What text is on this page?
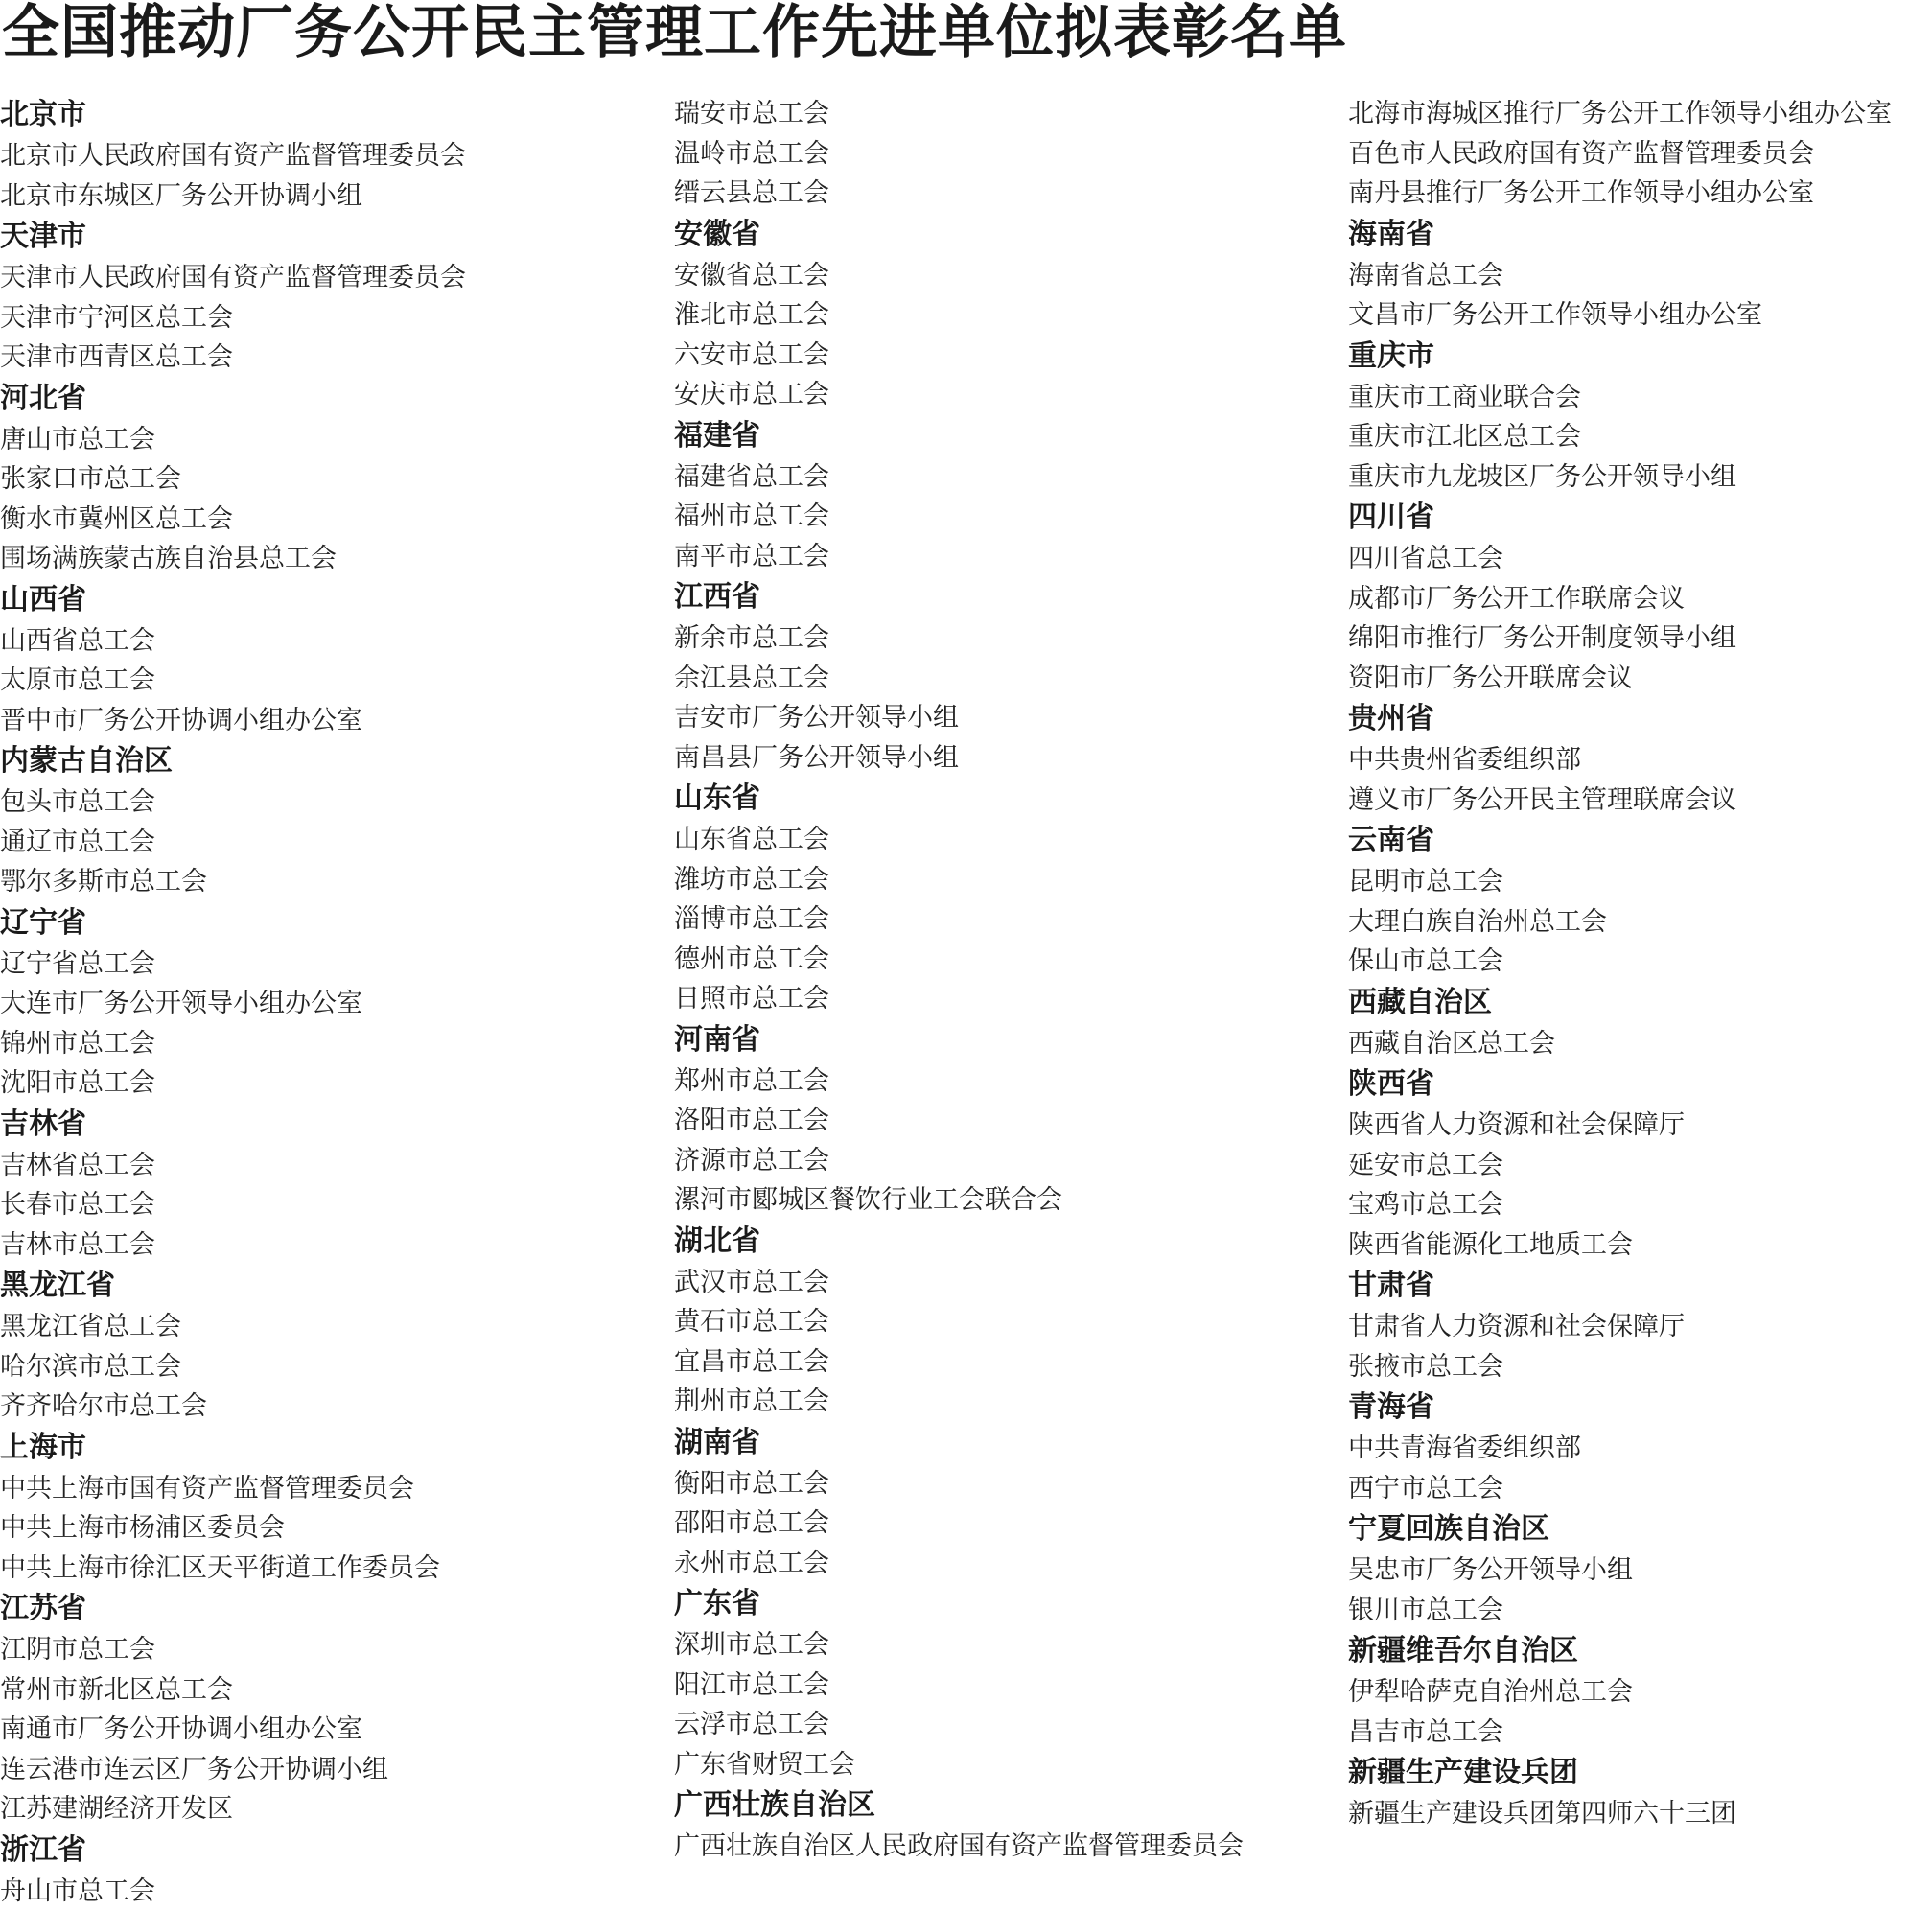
全国推动厂务公开民主管理工作先进单位拟表彰名单
北京市
北京市人民政府国有资产监督管理委员会
北京市东城区厂务公开协调小组
天津市
天津市人民政府国有资产监督管理委员会
天津市宁河区总工会
天津市西青区总工会
河北省
唐山市总工会
张家口市总工会
衡水市冀州区总工会
围场满族蒙古族自治县总工会
山西省
山西省总工会
太原市总工会
晋中市厂务公开协调小组办公室
内蒙古自治区
包头市总工会
通辽市总工会
鄂尔多斯市总工会
辽宁省
辽宁省总工会
大连市厂务公开领导小组办公室
锦州市总工会
沈阳市总工会
吉林省
吉林省总工会
长春市总工会
吉林市总工会
黑龙江省
黑龙江省总工会
哈尔滨市总工会
齐齐哈尔市总工会
上海市
中共上海市国有资产监督管理委员会
中共上海市杨浦区委员会
中共上海市徐汇区天平街道工作委员会
江苏省
江阴市总工会
常州市新北区总工会
南通市厂务公开协调小组办公室
连云港市连云区厂务公开协调小组
江苏建湖经济开发区
浙江省
舟山市总工会
瑞安市总工会
温岭市总工会
缙云县总工会
安徽省
安徽省总工会
淮北市总工会
六安市总工会
安庆市总工会
福建省
福建省总工会
福州市总工会
南平市总工会
江西省
新余市总工会
余江县总工会
吉安市厂务公开领导小组
南昌县厂务公开领导小组
山东省
山东省总工会
潍坊市总工会
淄博市总工会
德州市总工会
日照市总工会
河南省
郑州市总工会
洛阳市总工会
济源市总工会
漯河市郾城区餐饮行业工会联合会
湖北省
武汉市总工会
黄石市总工会
宜昌市总工会
荆州市总工会
湖南省
衡阳市总工会
邵阳市总工会
永州市总工会
广东省
深圳市总工会
阳江市总工会
云浮市总工会
广东省财贸工会
广西壮族自治区
广西壮族自治区人民政府国有资产监督管理委员会
北海市海城区推行厂务公开工作领导小组办公室
百色市人民政府国有资产监督管理委员会
南丹县推行厂务公开工作领导小组办公室
海南省
海南省总工会
文昌市厂务公开工作领导小组办公室
重庆市
重庆市工商业联合会
重庆市江北区总工会
重庆市九龙坡区厂务公开领导小组
四川省
四川省总工会
成都市厂务公开工作联席会议
绵阳市推行厂务公开制度领导小组
资阳市厂务公开联席会议
贵州省
中共贵州省委组织部
遵义市厂务公开民主管理联席会议
云南省
昆明市总工会
大理白族自治州总工会
保山市总工会
西藏自治区
西藏自治区总工会
陕西省
陕西省人力资源和社会保障厅
延安市总工会
宝鸡市总工会
陕西省能源化工地质工会
甘肃省
甘肃省人力资源和社会保障厅
张掖市总工会
青海省
中共青海省委组织部
西宁市总工会
宁夏回族自治区
吴忠市厂务公开领导小组
银川市总工会
新疆维吾尔自治区
伊犁哈萨克自治州总工会
昌吉市总工会
新疆生产建设兵团
新疆生产建设兵团第四师六十三团
